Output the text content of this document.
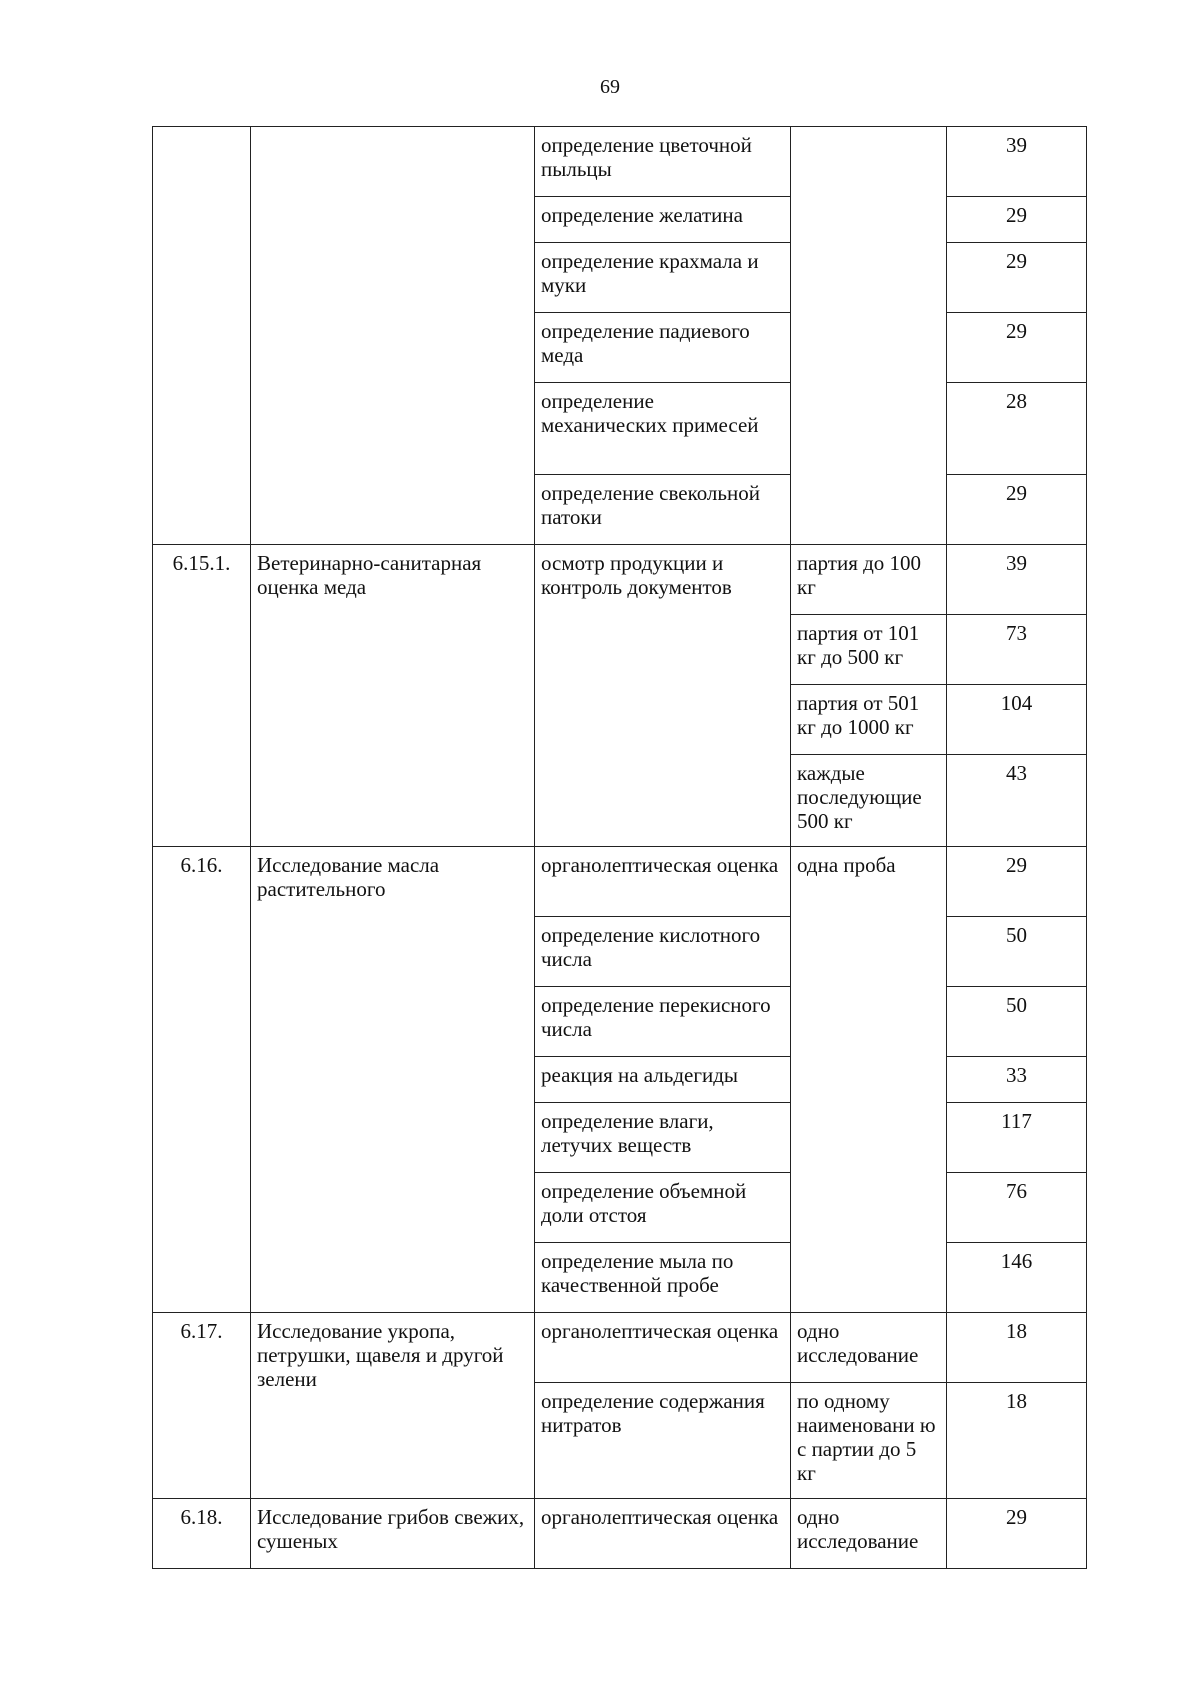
69
		определение цветочной пыльцы		39
		определение желатина		29
		определение крахмала и муки		29
		определение падиевого меда		29
		определение механических примесей		28
		определение свекольной патоки		29
6.15.1.	Ветеринарно-санитарная оценка меда	осмотр продукции и контроль документов	партия до 100 кг	39
			партия от 101 кг до 500 кг	73
			партия от 501 кг до 1000 кг	104
			каждые последующие 500 кг	43
6.16.	Исследование масла растительного	органолептическая оценка	одна проба	29
		определение кислотного числа		50
		определение перекисного числа		50
		реакция на альдегиды		33
		определение влаги, летучих веществ		117
		определение объемной доли отстоя		76
		определение мыла по качественной пробе		146
6.17.	Исследование укропа, петрушки, щавеля и другой зелени	органолептическая оценка	одно исследование	18
		определение содержания нитратов	по одному наименовани ю с партии до 5 кг	18
6.18.	Исследование грибов свежих, сушеных	органолептическая оценка	одно исследование	29
